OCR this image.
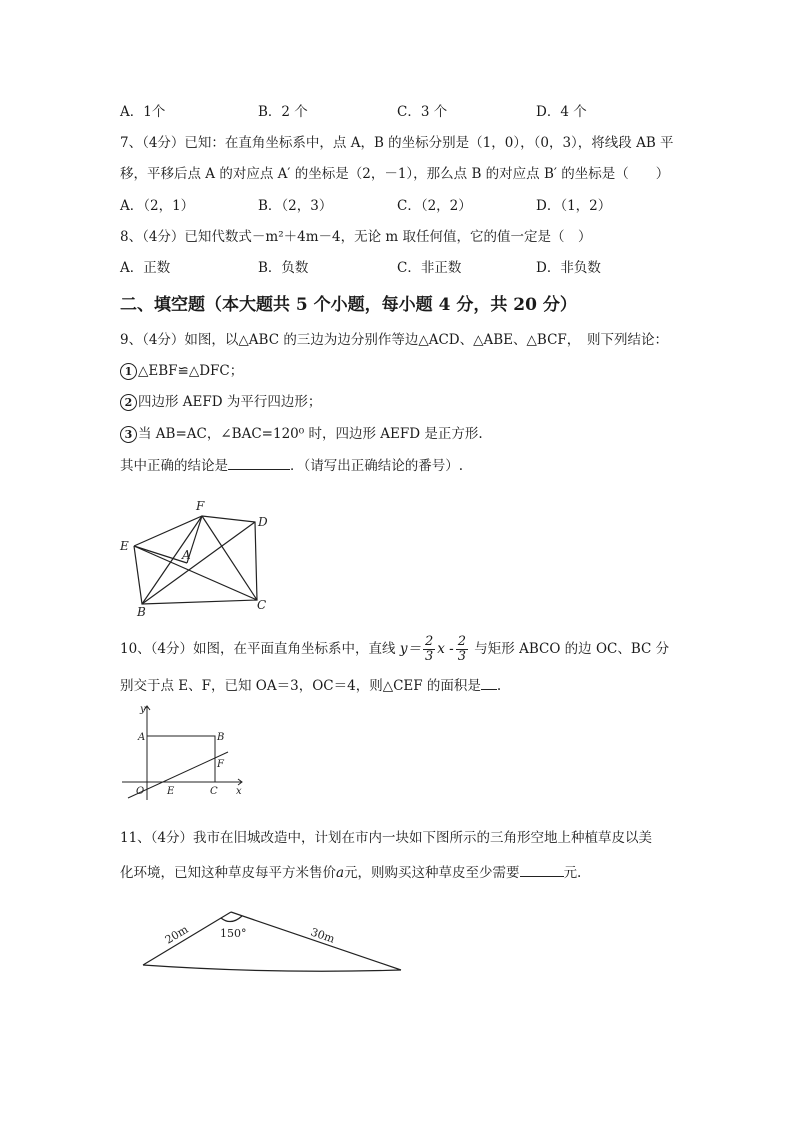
A．1个	B．2 个	C．3 个	D．4 个
7、（4分）已知：在直角坐标系中，点 A，B 的坐标分别是（1，0），（0，3），将线段 AB 平
移，平移后点 A 的对应点 A′ 的坐标是（2，－1），那么点 B 的对应点 B′ 的坐标是（　　）
A．（2，1）	B．（2，3）	C．（2，2）	D．（1，2）
8、（4分）已知代数式－m²＋4m－4，无论 m 取任何值，它的值一定是（　）
A．正数	B．负数	C．非正数	D．非负数
二、填空题（本大题共 5 个小题，每小题 4 分，共 20 分）
9、（4分）如图，以△ABC 的三边为边分别作等边△ACD、△ABE、△BCF，　则下列结论：
1 △EBF≌△DFC；
2 四边形 AEFD 为平行四边形；
3 当 AB=AC，∠BAC=120⁰ 时，四边形 AEFD 是正方形.
其中正确的结论是	．（请写出正确结论的番号）.
F
D
E
A
B	C
10、（4分）如图，在平面直角坐标系中，直线 $y= \frac{2}{3}$ x - $\frac{2}{3}$ 与矩形 ABCO 的边 OC、BC 分
别交于点 E、F，已知 OA＝3，OC＝4，则△CEF 的面积是 .
y
x
A	B
F
O E	C
11、（4分）我市在旧城改造中，计划在市内一块如下图所示的三角形空地上种植草皮以美
化环境，已知这种草皮每平方米售价a元，则购买这种草皮至少需要	元.
20m	150°	30m
